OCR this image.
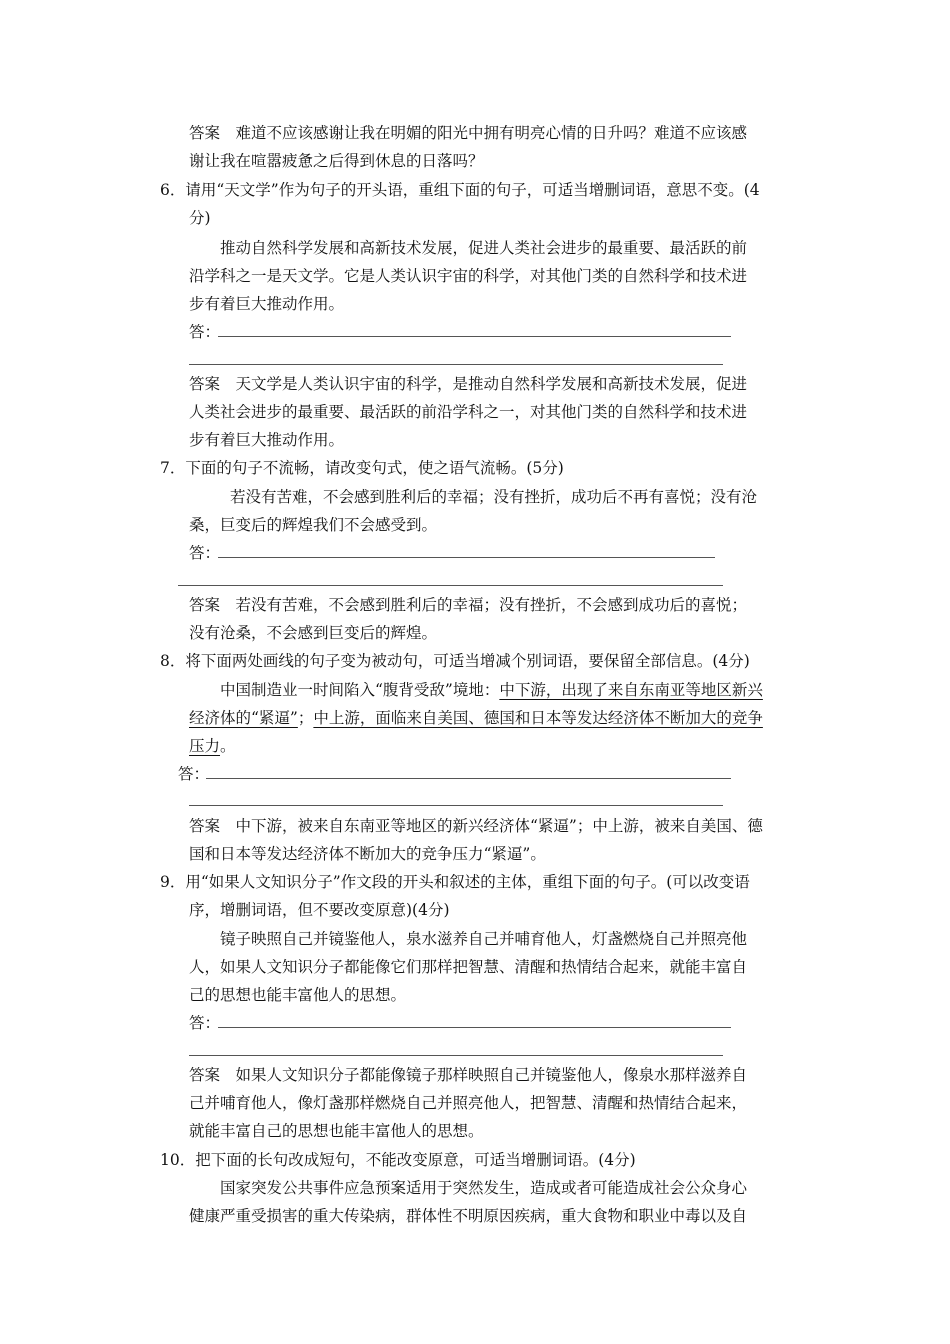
答案　难道不应该感谢让我在明媚的阳光中拥有明亮心情的日升吗？难道不应该感
谢让我在喧嚣疲惫之后得到休息的日落吗？
6．请用“天文学”作为句子的开头语，重组下面的句子，可适当增删词语，意思不变。(4
分)
推动自然科学发展和高新技术发展，促进人类社会进步的最重要、最活跃的前
沿学科之一是天文学。它是人类认识宇宙的科学，对其他门类的自然科学和技术进
步有着巨大推动作用。
答：
答案　天文学是人类认识宇宙的科学，是推动自然科学发展和高新技术发展，促进
人类社会进步的最重要、最活跃的前沿学科之一，对其他门类的自然科学和技术进
步有着巨大推动作用。
7．下面的句子不流畅，请改变句式，使之语气流畅。(5分)
若没有苦难，不会感到胜利后的幸福；没有挫折，成功后不再有喜悦；没有沧
桑，巨变后的辉煌我们不会感受到。
答：
答案　若没有苦难，不会感到胜利后的幸福；没有挫折，不会感到成功后的喜悦；
没有沧桑，不会感到巨变后的辉煌。
8．将下面两处画线的句子变为被动句，可适当增减个别词语，要保留全部信息。(4分)
中国制造业一时间陷入“腹背受敌”境地：中下游，出现了来自东南亚等地区新兴
经济体的“紧逼”；中上游，面临来自美国、德国和日本等发达经济体不断加大的竞争
压力。
答：
答案　中下游，被来自东南亚等地区的新兴经济体“紧逼”；中上游，被来自美国、德
国和日本等发达经济体不断加大的竞争压力“紧逼”。
9．用“如果人文知识分子”作文段的开头和叙述的主体，重组下面的句子。(可以改变语
序，增删词语，但不要改变原意)(4分)
镜子映照自己并镜鉴他人，泉水滋养自己并哺育他人，灯盏燃烧自己并照亮他
人，如果人文知识分子都能像它们那样把智慧、清醒和热情结合起来，就能丰富自
己的思想也能丰富他人的思想。
答：
答案　如果人文知识分子都能像镜子那样映照自己并镜鉴他人，像泉水那样滋养自
己并哺育他人，像灯盏那样燃烧自己并照亮他人，把智慧、清醒和热情结合起来，
就能丰富自己的思想也能丰富他人的思想。
10．把下面的长句改成短句，不能改变原意，可适当增删词语。(4分)
国家突发公共事件应急预案适用于突然发生，造成或者可能造成社会公众身心
健康严重受损害的重大传染病，群体性不明原因疾病，重大食物和职业中毒以及自
